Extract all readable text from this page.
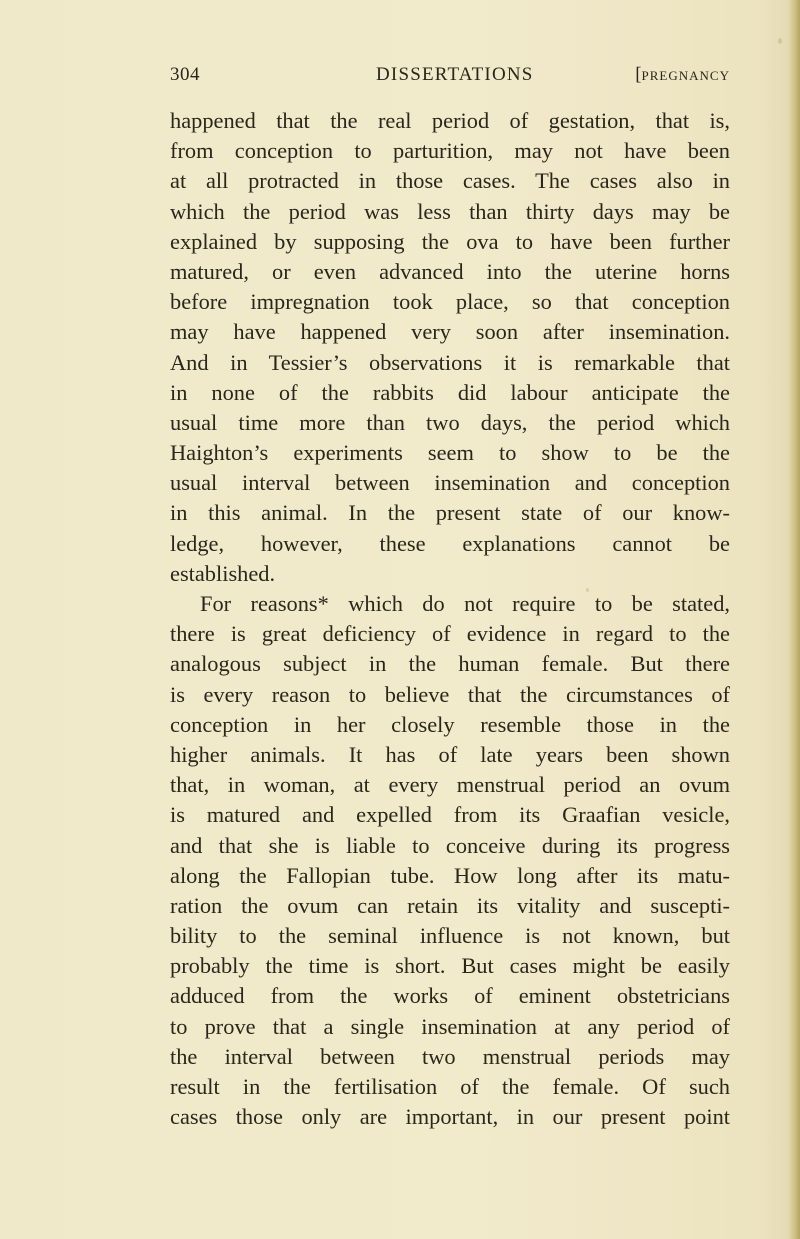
304	DISSERTATIONS	[PREGNANCY
happened that the real period of gestation, that is,
from conception to parturition, may not have been
at all protracted in those cases. The cases also in
which the period was less than thirty days may be
explained by supposing the ova to have been further
matured, or even advanced into the uterine horns
before impregnation took place, so that conception
may have happened very soon after insemination.
And in Tessier’s observations it is remarkable that
in none of the rabbits did labour anticipate the
usual time more than two days, the period which
Haighton’s experiments seem to show to be the
usual interval between insemination and conception
in this animal. In the present state of our know-
ledge, however, these explanations cannot be
established.
For reasons* which do not require to be stated,
there is great deficiency of evidence in regard to the
analogous subject in the human female. But there
is every reason to believe that the circumstances of
conception in her closely resemble those in the
higher animals. It has of late years been shown
that, in woman, at every menstrual period an ovum
is matured and expelled from its Graafian vesicle,
and that she is liable to conceive during its progress
along the Fallopian tube. How long after its matu-
ration the ovum can retain its vitality and suscepti-
bility to the seminal influence is not known, but
probably the time is short. But cases might be easily
adduced from the works of eminent obstetricians
to prove that a single insemination at any period of
the interval between two menstrual periods may
result in the fertilisation of the female. Of such
cases those only are important, in our present point
